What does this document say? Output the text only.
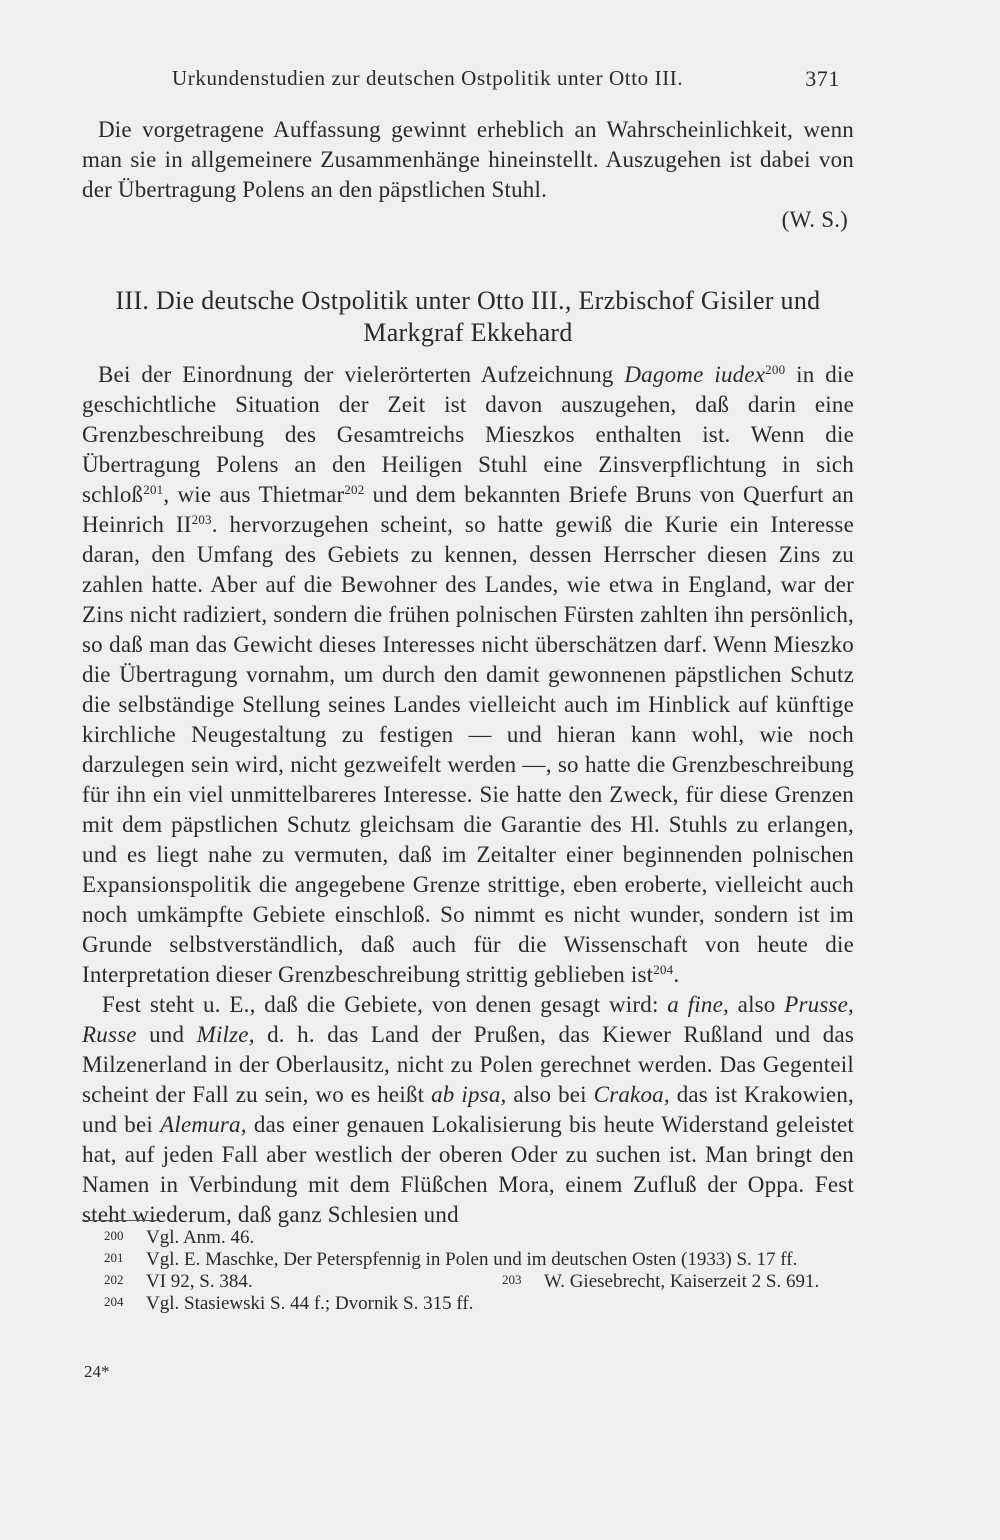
Urkundenstudien zur deutschen Ostpolitik unter Otto III.	371

Die vorgetragene Auffassung gewinnt erheblich an Wahrscheinlichkeit, wenn man sie in allgemeinere Zusammenhänge hineinstellt. Auszugehen ist dabei von der Übertragung Polens an den päpstlichen Stuhl.

(W. S.)

III. Die deutsche Ostpolitik unter Otto III., Erzbischof Gisiler und
Markgraf Ekkehard

Bei der Einordnung der vielerörterten Aufzeichnung Dagome iudex$^{200}$ in die geschichtliche Situation der Zeit ist davon auszugehen, daß darin eine Grenzbeschreibung des Gesamtreichs Mieszkos enthalten ist. Wenn die Übertragung Polens an den Heiligen Stuhl eine Zinsverpflichtung in sich schloß$^{201}$, wie aus Thietmar$^{202}$ und dem bekannten Briefe Bruns von Querfurt an Heinrich II$^{203}$. hervorzugehen scheint, so hatte gewiß die Kurie ein Interesse daran, den Umfang des Gebiets zu kennen, dessen Herrscher diesen Zins zu zahlen hatte. Aber auf die Bewohner des Landes, wie etwa in England, war der Zins nicht radiziert, sondern die frühen polnischen Fürsten zahlten ihn persönlich, so daß man das Gewicht dieses Interesses nicht überschätzen darf. Wenn Mieszko die Übertragung vornahm, um durch den damit gewonnenen päpstlichen Schutz die selbständige Stellung seines Landes vielleicht auch im Hinblick auf künftige kirchliche Neugestaltung zu festigen — und hieran kann wohl, wie noch darzulegen sein wird, nicht gezweifelt werden —, so hatte die Grenzbeschreibung für ihn ein viel unmittelbareres Interesse. Sie hatte den Zweck, für diese Grenzen mit dem päpstlichen Schutz gleichsam die Garantie des Hl. Stuhls zu erlangen, und es liegt nahe zu vermuten, daß im Zeitalter einer beginnenden polnischen Expansionspolitik die angegebene Grenze strittige, eben eroberte, vielleicht auch noch umkämpfte Gebiete einschloß. So nimmt es nicht wunder, sondern ist im Grunde selbstverständlich, daß auch für die Wissenschaft von heute die Interpretation dieser Grenzbeschreibung strittig geblieben ist$^{204}$.

Fest steht u. E., daß die Gebiete, von denen gesagt wird: a fine, also Prusse, Russe und Milze, d. h. das Land der Prußen, das Kiewer Rußland und das Milzenerland in der Oberlausitz, nicht zu Polen gerechnet werden. Das Gegenteil scheint der Fall zu sein, wo es heißt ab ipsa, also bei Crakoa, das ist Krakowien, und bei Alemura, das einer genauen Lokalisierung bis heute Widerstand geleistet hat, auf jeden Fall aber westlich der oberen Oder zu suchen ist. Man bringt den Namen in Verbindung mit dem Flüßchen Mora, einem Zufluß der Oppa. Fest steht wiederum, daß ganz Schlesien und

200 Vgl. Anm. 46.
201 Vgl. E. Maschke, Der Peterspfennig in Polen und im deutschen Osten (1933) S. 17 ff.
202 VI 92, S. 384.	203 W. Giesebrecht, Kaiserzeit 2 S. 691.
204 Vgl. Stasiewski S. 44 f.; Dvornik S. 315 ff.
24*
